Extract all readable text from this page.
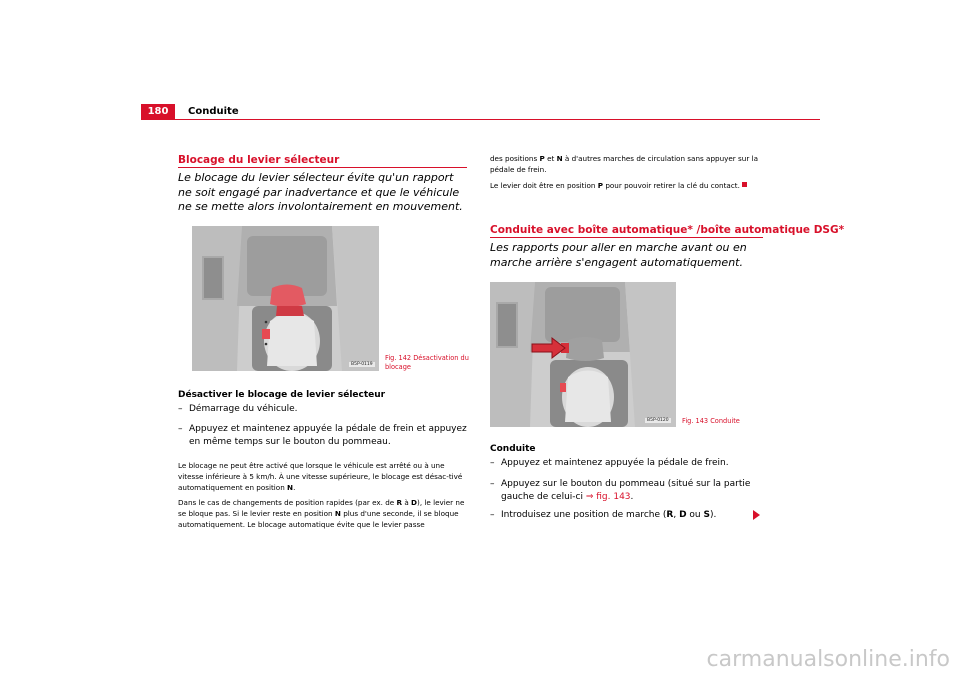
180 Conduite
Blocage du levier sélecteur
Le blocage du levier sélecteur évite qu'un rapport ne soit engagé par inadvertance et que le véhicule ne se mette alors involontairement en mouvement.
B5P-0119
Fig. 142 Désactivation du blocage
Désactiver le blocage de levier sélecteur
– Démarrage du véhicule.
– Appuyez et maintenez appuyée la pédale de frein et appuyez en même temps sur le bouton du pommeau.
Le blocage ne peut être activé que lorsque le véhicule est arrêté ou à une vitesse inférieure à 5 km/h. À une vitesse supérieure, le blocage est désac-tivé automatiquement en position N.
Dans le cas de changements de position rapides (par ex. de R à D), le levier ne se bloque pas. Si le levier reste en position N plus d'une seconde, il se bloque automatiquement. Le blocage automatique évite que le levier passe
des positions P et N à d'autres marches de circulation sans appuyer sur la pédale de frein.
Le levier doit être en position P pour pouvoir retirer la clé du contact.
Conduite avec boîte automatique* /boîte automatique DSG*
Les rapports pour aller en marche avant ou en marche arrière s'engagent automatiquement.
B5P-0120	Fig. 143 Conduite
Conduite
– Appuyez et maintenez appuyée la pédale de frein.
– Appuyez sur le bouton du pommeau (situé sur la partie gauche de celui-ci ⇒ fig. 143.
– Introduisez une position de marche (R, D ou S).
carmanualsonline.info
